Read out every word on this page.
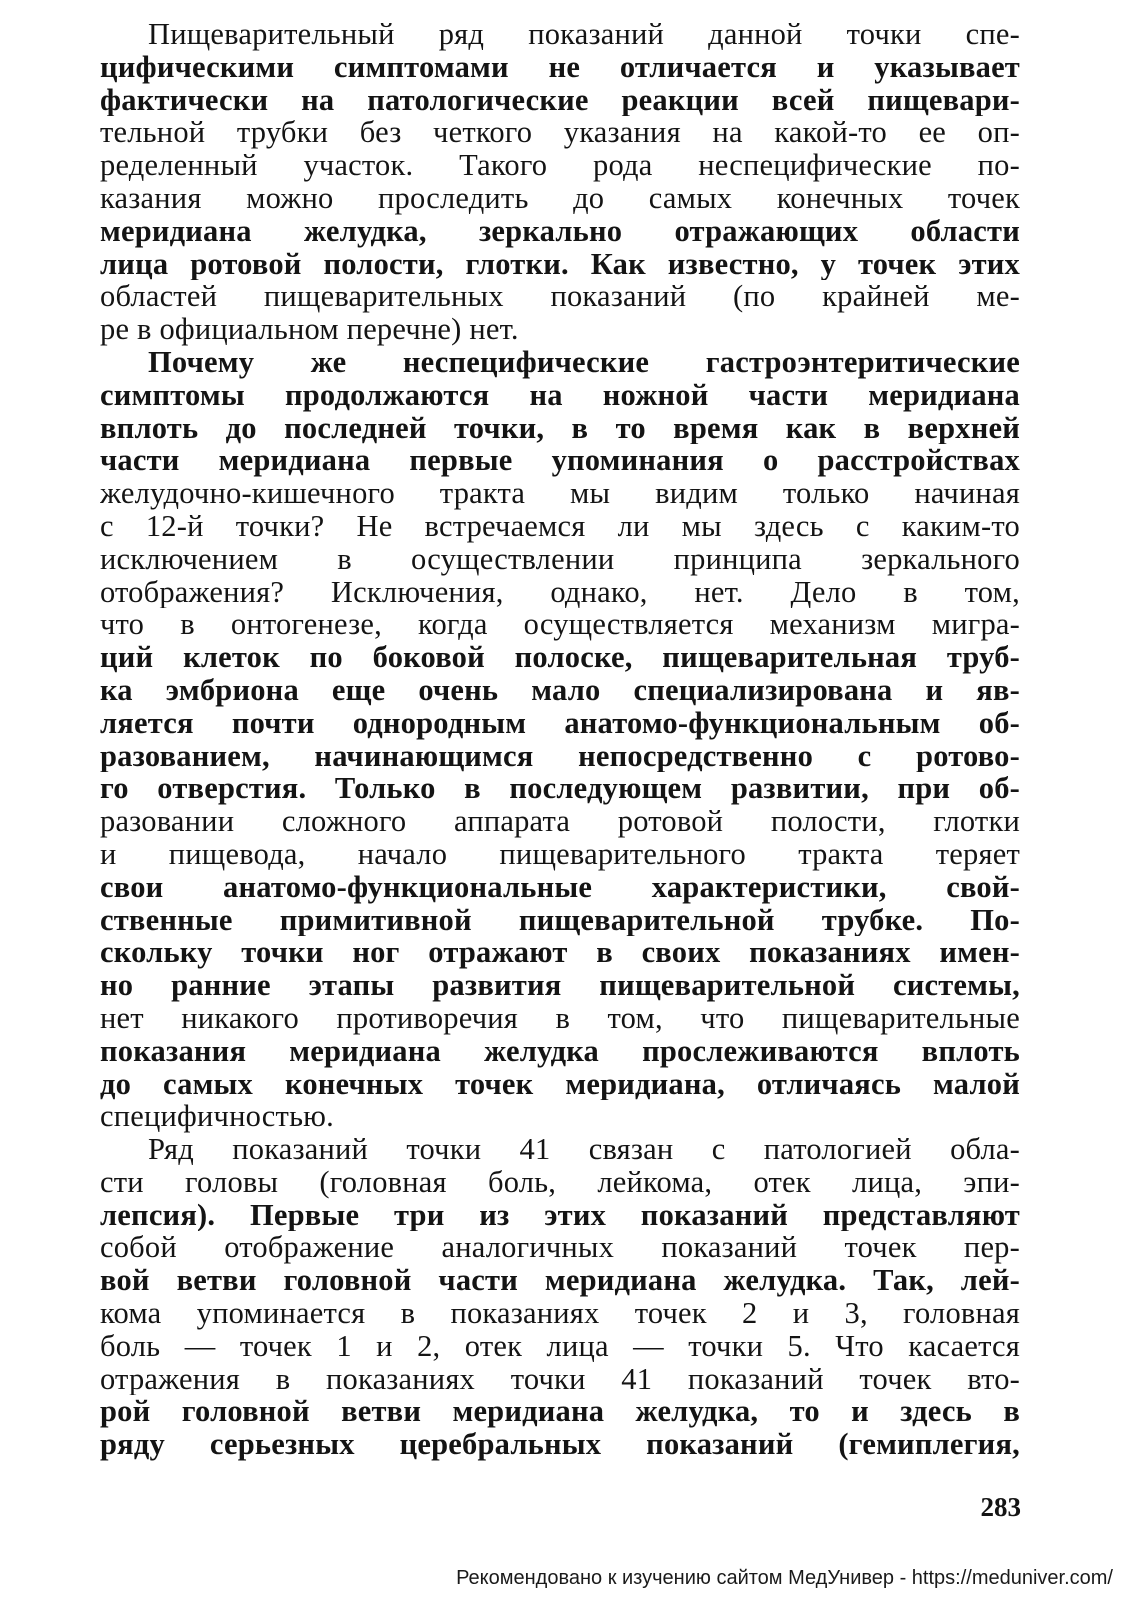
Пищеварительный ряд показаний данной точки спе-
цифическими симптомами не отличается и указывает
фактически на патологические реакции всей пищевари-
тельной трубки без четкого указания на какой-то ее оп-
ределенный участок. Такого рода неспецифические по-
казания можно проследить до самых конечных точек
меридиана желудка, зеркально отражающих области
лица ротовой полости, глотки. Как известно, у точек этих
областей пищеварительных показаний (по крайней ме-
ре в официальном перечне) нет.
Почему же неспецифические гастроэнтеритические
симптомы продолжаются на ножной части меридиана
вплоть до последней точки, в то время как в верхней
части меридиана первые упоминания о расстройствах
желудочно-кишечного тракта мы видим только начиная
с 12-й точки? Не встречаемся ли мы здесь с каким-то
исключением в осуществлении принципа зеркального
отображения? Исключения, однако, нет. Дело в том,
что в онтогенезе, когда осуществляется механизм мигра-
ций клеток по боковой полоске, пищеварительная труб-
ка эмбриона еще очень мало специализирована и яв-
ляется почти однородным анатомо-функциональным об-
разованием, начинающимся непосредственно с ротово-
го отверстия. Только в последующем развитии, при об-
разовании сложного аппарата ротовой полости, глотки
и пищевода, начало пищеварительного тракта теряет
свои анатомо-функциональные характеристики, свой-
ственные примитивной пищеварительной трубке. По-
скольку точки ног отражают в своих показаниях имен-
но ранние этапы развития пищеварительной системы,
нет никакого противоречия в том, что пищеварительные
показания меридиана желудка прослеживаются вплоть
до самых конечных точек меридиана, отличаясь малой
специфичностью.
Ряд показаний точки 41 связан с патологией обла-
сти головы (головная боль, лейкома, отек лица, эпи-
лепсия). Первые три из этих показаний представляют
собой отображение аналогичных показаний точек пер-
вой ветви головной части меридиана желудка. Так, лей-
кома упоминается в показаниях точек 2 и 3, головная
боль — точек 1 и 2, отек лица — точки 5. Что касается
отражения в показаниях точки 41 показаний точек вто-
рой головной ветви меридиана желудка, то и здесь в
ряду серьезных церебральных показаний (гемиплегия,
283
Рекомендовано к изучению сайтом МедУнивер - https://meduniver.com/
